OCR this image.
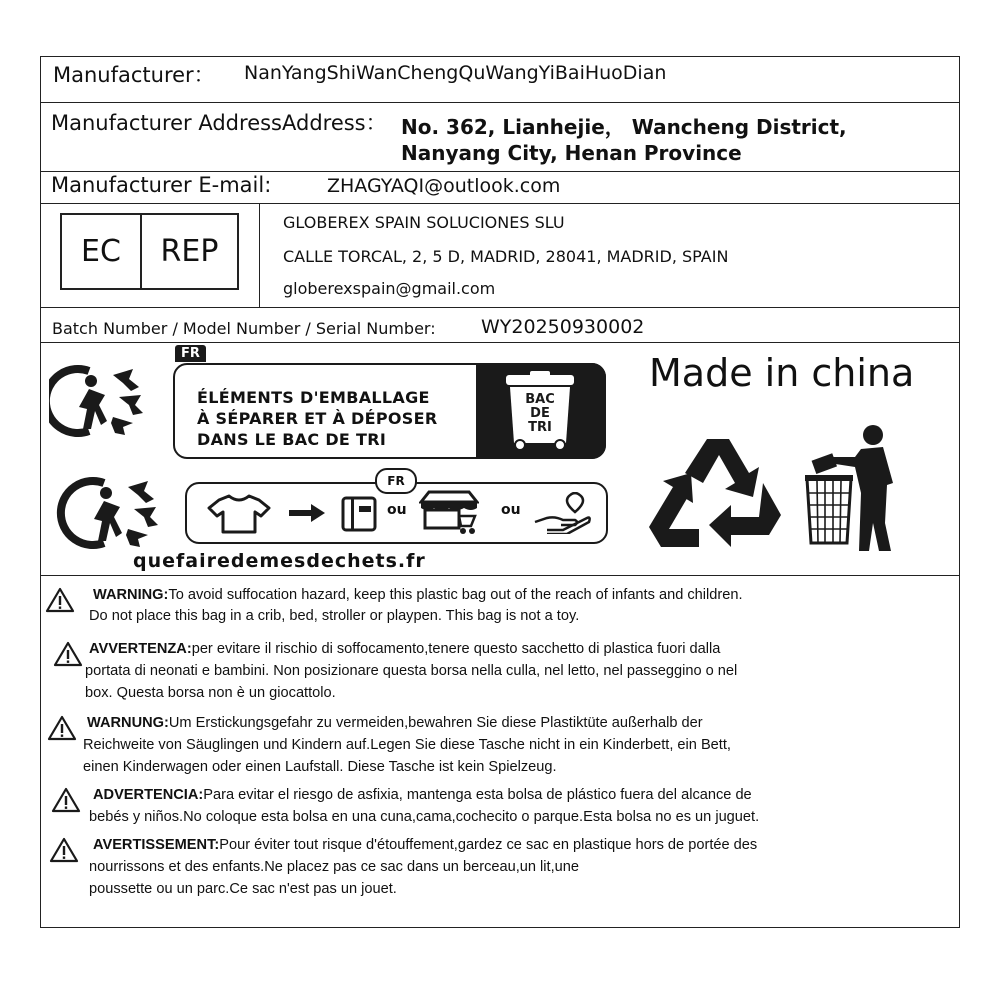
Manufacturer： NanYangShiWanChengQuWangYiBaiHuoDian
Manufacturer AddressAddress： No. 362, Lianhejie， Wancheng District,
Nanyang City, Henan Province
Manufacturer E-mail:	ZHAGYAQI@outlook.com
EC	REP
GLOBEREX SPAIN SOLUCIONES SLU
CALLE TORCAL, 2, 5 D, MADRID, 28041, MADRID, SPAIN
globerexspain@gmail.com
Batch Number / Model Number / Serial Number: WY20250930002
FR
ÉLÉMENTS D'EMBALLAGE
À SÉPARER ET À DÉPOSER
DANS LE BAC DE TRI
BAC
DE
TRI
ou	ou
FR
quefairedemesdechets.fr
Made in china
WARNING:To avoid suffocation hazard, keep this plastic bag out of the reach of infants and children.
Do not place this bag in a crib, bed, stroller or playpen. This bag is not a toy.
AVVERTENZA:per evitare il rischio di soffocamento,tenere questo sacchetto di plastica fuori dalla
portata di neonati e bambini. Non posizionare questa borsa nella culla, nel letto, nel passeggino o nel
box. Questa borsa non è un giocattolo.
WARNUNG:Um Erstickungsgefahr zu vermeiden,bewahren Sie diese Plastiktüte außerhalb der
Reichweite von Säuglingen und Kindern auf.Legen Sie diese Tasche nicht in ein Kinderbett, ein Bett,
einen Kinderwagen oder einen Laufstall. Diese Tasche ist kein Spielzeug.
ADVERTENCIA:Para evitar el riesgo de asfixia, mantenga esta bolsa de plástico fuera del alcance de
bebés y niños.No coloque esta bolsa en una cuna,cama,cochecito o parque.Esta bolsa no es un juguet.
AVERTISSEMENT:Pour éviter tout risque d'étouffement,gardez ce sac en plastique hors de portée des
nourrissons et des enfants.Ne placez pas ce sac dans un berceau,un lit,une
poussette ou un parc.Ce sac n'est pas un jouet.
